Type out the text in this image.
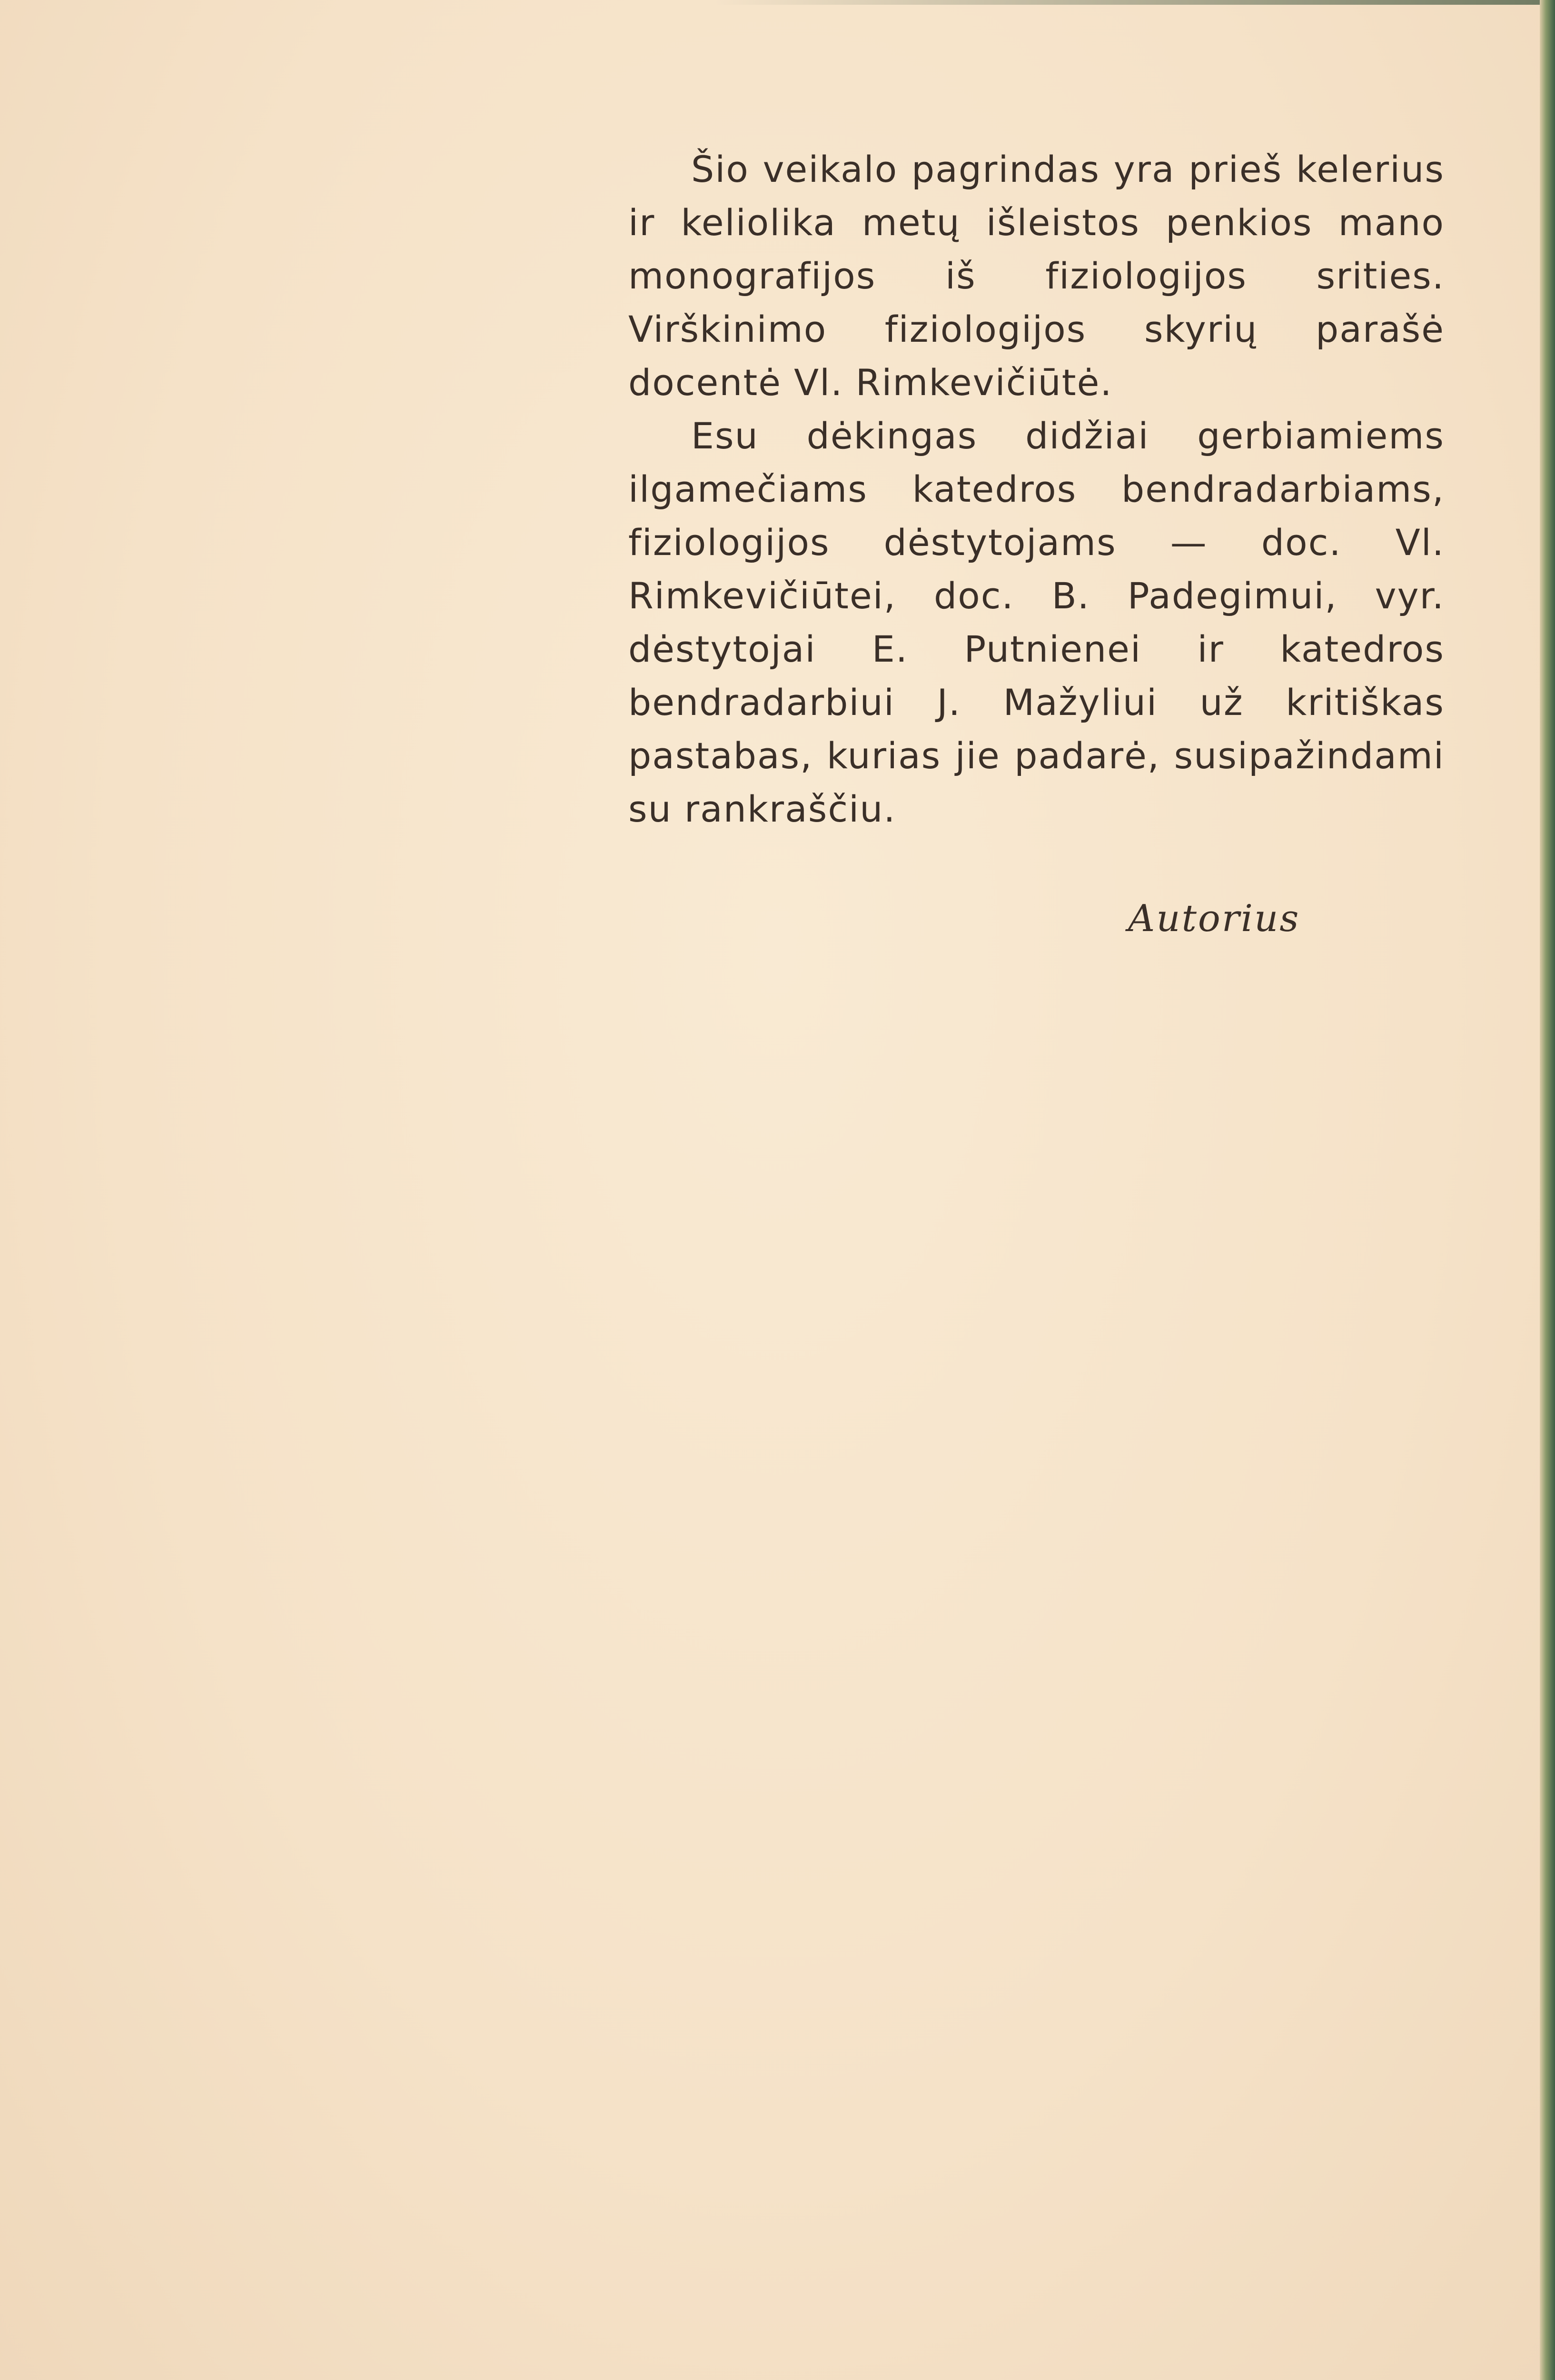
Šio veikalo pagrindas yra prieš kelerius ir keliolika metų išleistos penkios mano monografijos iš fiziologijos srities. Virškinimo fiziologijos skyrių parašė docentė Vl. Rimkevičiūtė.

Esu dėkingas didžiai gerbiamiems ilgamečiams katedros bendradarbiams, fiziologijos dėstytojams — doc. Vl. Rimkevičiūtei, doc. B. Padegimui, vyr. dėstytojai E. Putnienei ir katedros bendradarbiui J. Mažyliui už kritiškas pastabas, kurias jie padarė, susipažindami su rankraščiu.

Autorius
